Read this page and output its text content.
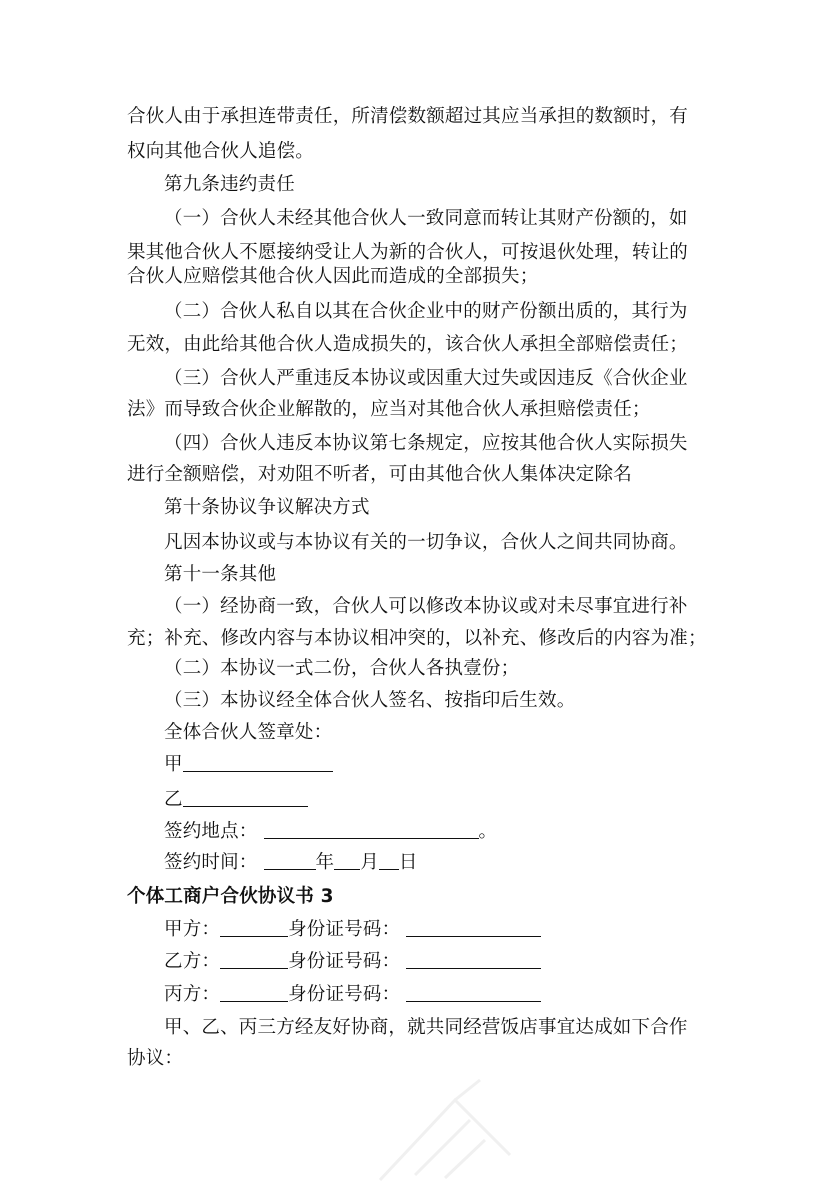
合伙人由于承担连带责任，所清偿数额超过其应当承担的数额时，有
权向其他合伙人追偿。
第九条违约责任
（一）合伙人未经其他合伙人一致同意而转让其财产份额的，如
果其他合伙人不愿接纳受让人为新的合伙人，可按退伙处理，转让的
合伙人应赔偿其他合伙人因此而造成的全部损失；
（二）合伙人私自以其在合伙企业中的财产份额出质的，其行为
无效，由此给其他合伙人造成损失的，该合伙人承担全部赔偿责任；
（三）合伙人严重违反本协议或因重大过失或因违反《合伙企业
法》而导致合伙企业解散的，应当对其他合伙人承担赔偿责任；
（四）合伙人违反本协议第七条规定，应按其他合伙人实际损失
进行全额赔偿，对劝阻不听者，可由其他合伙人集体决定除名
第十条协议争议解决方式
凡因本协议或与本协议有关的一切争议，合伙人之间共同协商。
第十一条其他
（一）经协商一致，合伙人可以修改本协议或对未尽事宜进行补
充；补充、修改内容与本协议相冲突的，以补充、修改后的内容为准；
（二）本协议一式二份，合伙人各执壹份；
（三）本协议经全体合伙人签名、按指印后生效。
全体合伙人签章处：
甲
乙
签约地点：	。
签约时间：	年 月 日
个体工商户合伙协议书 3
甲方：	身份证号码：
乙方：	身份证号码：
丙方：	身份证号码：
甲、乙、丙三方经友好协商，就共同经营饭店事宜达成如下合作
协议：
